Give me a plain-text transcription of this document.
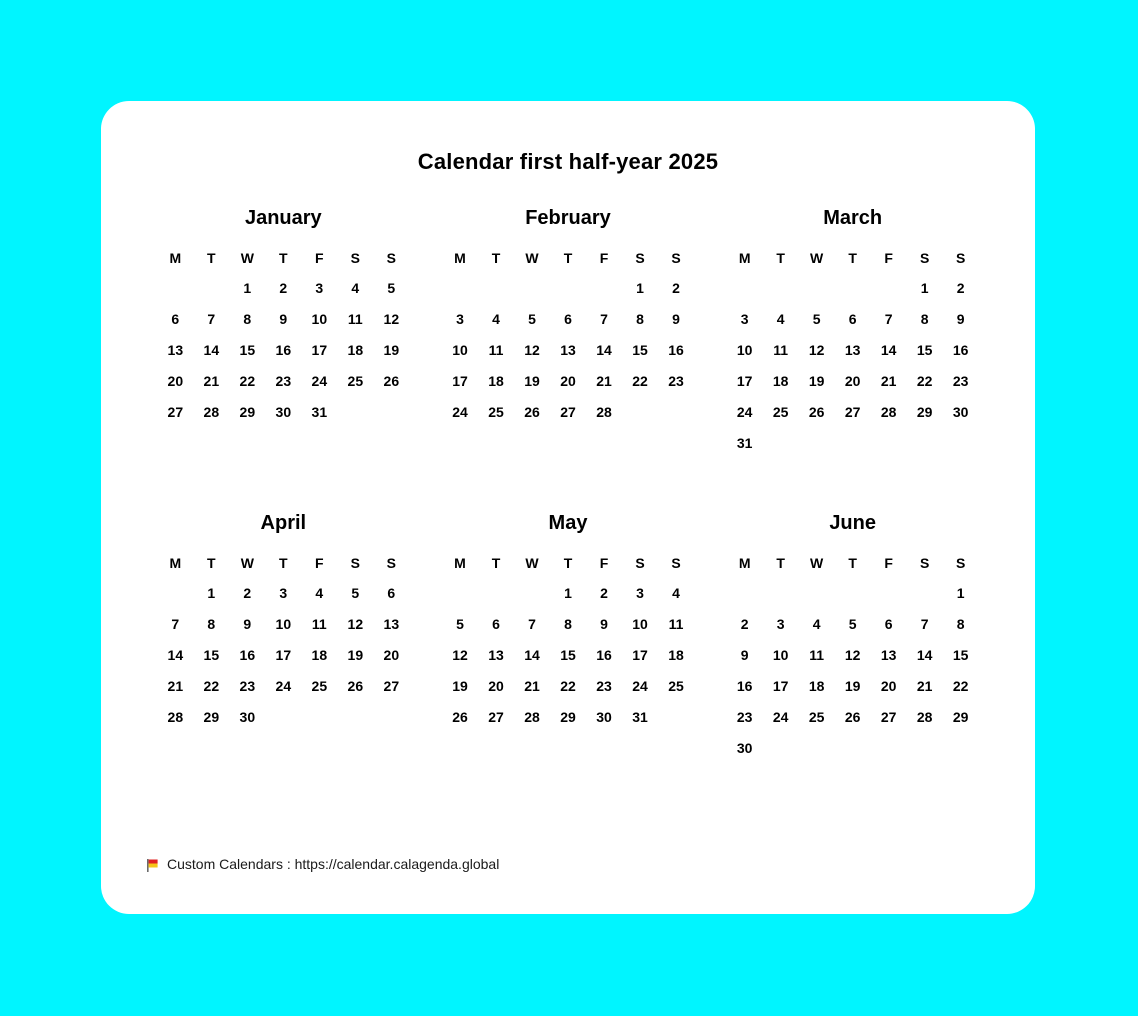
Calendar first half-year 2025
January
M	T	W	T	F	S	S
		1	2	3	4	5
6	7	8	9	10	11	12
13	14	15	16	17	18	19
20	21	22	23	24	25	26
27	28	29	30	31		
February
M	T	W	T	F	S	S
					1	2
3	4	5	6	7	8	9
10	11	12	13	14	15	16
17	18	19	20	21	22	23
24	25	26	27	28		
March
M	T	W	T	F	S	S
					1	2
3	4	5	6	7	8	9
10	11	12	13	14	15	16
17	18	19	20	21	22	23
24	25	26	27	28	29	30
31						
April
M	T	W	T	F	S	S
	1	2	3	4	5	6
7	8	9	10	11	12	13
14	15	16	17	18	19	20
21	22	23	24	25	26	27
28	29	30				
May
M	T	W	T	F	S	S
			1	2	3	4
5	6	7	8	9	10	11
12	13	14	15	16	17	18
19	20	21	22	23	24	25
26	27	28	29	30	31	
June
M	T	W	T	F	S	S
						1
2	3	4	5	6	7	8
9	10	11	12	13	14	15
16	17	18	19	20	21	22
23	24	25	26	27	28	29
30						
Custom Calendars : https://calendar.calagenda.global
